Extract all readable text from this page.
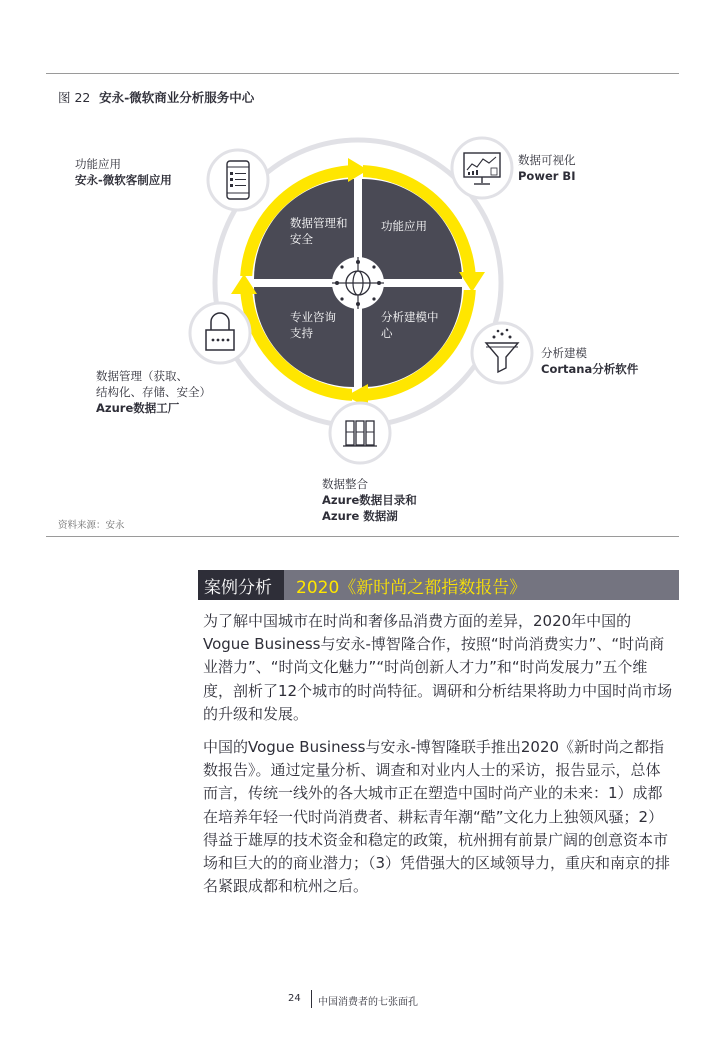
图 22 安永-微软商业分析服务中心
数据管理和
安全
功能应用
专业咨询
支持
分析建模中
心
功能应用
安永-微软客制应用
数据可视化
Power BI
分析建模
Cortana分析软件
数据管理（获取、
结构化、存储、安全）
Azure数据工厂
数据整合
Azure数据目录和
Azure 数据湖
资料来源：安永
案例分析 2020《新时尚之都指数报告》
为了解中国城市在时尚和奢侈品消费方面的差异，2020年中国的Vogue Business与安永-博智隆合作，按照“时尚消费实力”、“时尚商业潜力”、“时尚文化魅力”“时尚创新人才力”和“时尚发展力”五个维度，剖析了12个城市的时尚特征。调研和分析结果将助力中国时尚市场的升级和发展。
中国的Vogue Business与安永-博智隆联手推出2020《新时尚之都指数报告》。通过定量分析、调查和对业内人士的采访，报告显示，总体而言，传统一线外的各大城市正在塑造中国时尚产业的未来：1）成都在培养年轻一代时尚消费者、耕耘青年潮“酷”文化力上独领风骚；2）得益于雄厚的技术资金和稳定的政策，杭州拥有前景广阔的创意资本市场和巨大的的商业潜力；（3）凭借强大的区域领导力，重庆和南京的排名紧跟成都和杭州之后。
24 中国消费者的七张面孔
